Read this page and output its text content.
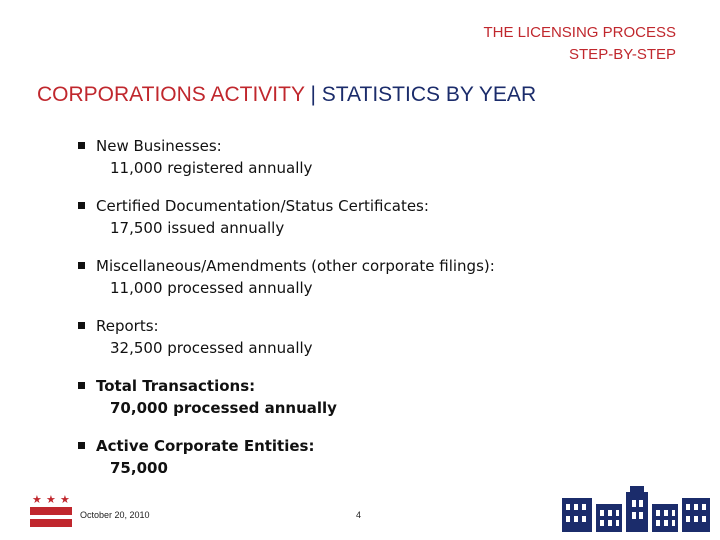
THE LICENSING PROCESS
STEP-BY-STEP
CORPORATIONS ACTIVITY | STATISTICS BY YEAR
New Businesses:
11,000 registered annually
Certified Documentation/Status Certificates:
17,500 issued annually
Miscellaneous/Amendments (other corporate filings):
11,000 processed annually
Reports:
32,500 processed annually
Total Transactions:
70,000 processed annually
Active Corporate Entities:
75,000
★ ★ ★
October 20, 2010	4
